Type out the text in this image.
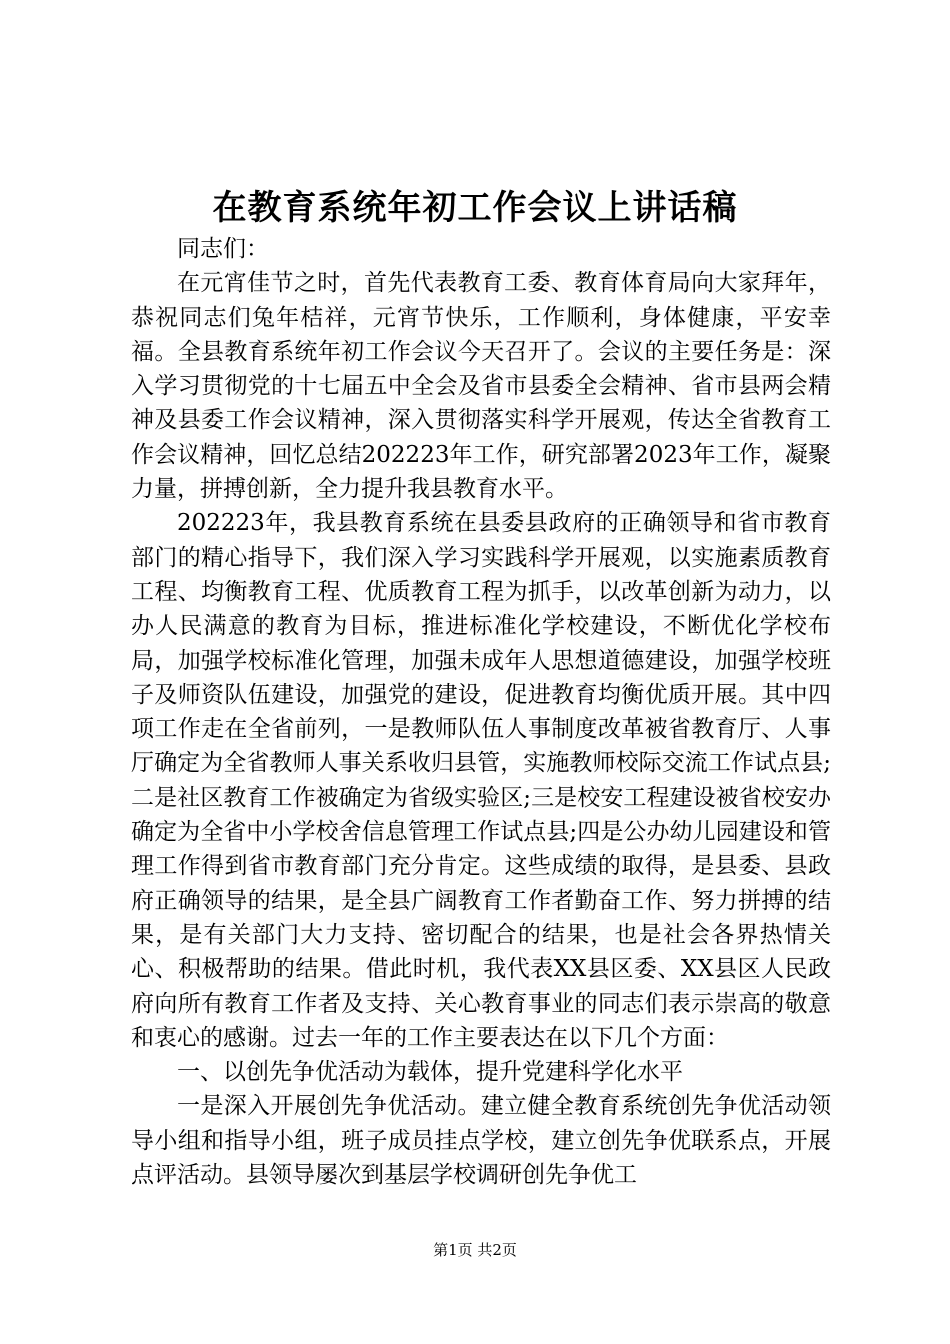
在教育系统年初工作会议上讲话稿

同志们：

在元宵佳节之时，首先代表教育工委、教育体育局向大家拜年，恭祝同志们兔年桔祥，元宵节快乐，工作顺利，身体健康，平安幸福。全县教育系统年初工作会议今天召开了。会议的主要任务是：深入学习贯彻党的十七届五中全会及省市县委全会精神、省市县两会精神及县委工作会议精神，深入贯彻落实科学开展观，传达全省教育工作会议精神，回忆总结202223年工作，研究部署2023年工作，凝聚力量，拼搏创新，全力提升我县教育水平。

202223年，我县教育系统在县委县政府的正确领导和省市教育部门的精心指导下，我们深入学习实践科学开展观，以实施素质教育工程、均衡教育工程、优质教育工程为抓手，以改革创新为动力，以办人民满意的教育为目标，推进标准化学校建设，不断优化学校布局，加强学校标准化管理，加强未成年人思想道德建设，加强学校班子及师资队伍建设，加强党的建设，促进教育均衡优质开展。其中四项工作走在全省前列，一是教师队伍人事制度改革被省教育厅、人事厅确定为全省教师人事关系收归县管，实施教师校际交流工作试点县;二是社区教育工作被确定为省级实验区;三是校安工程建设被省校安办确定为全省中小学校舍信息管理工作试点县;四是公办幼儿园建设和管理工作得到省市教育部门充分肯定。这些成绩的取得，是县委、县政府正确领导的结果，是全县广阔教育工作者勤奋工作、努力拼搏的结果，是有关部门大力支持、密切配合的结果，也是社会各界热情关心、积极帮助的结果。借此时机，我代表XX县区委、XX县区人民政府向所有教育工作者及支持、关心教育事业的同志们表示崇高的敬意和衷心的感谢。过去一年的工作主要表达在以下几个方面：

一、以创先争优活动为载体，提升党建科学化水平

一是深入开展创先争优活动。建立健全教育系统创先争优活动领导小组和指导小组，班子成员挂点学校，建立创先争优联系点，开展点评活动。县领导屡次到基层学校调研创先争优工

第1页 共2页
